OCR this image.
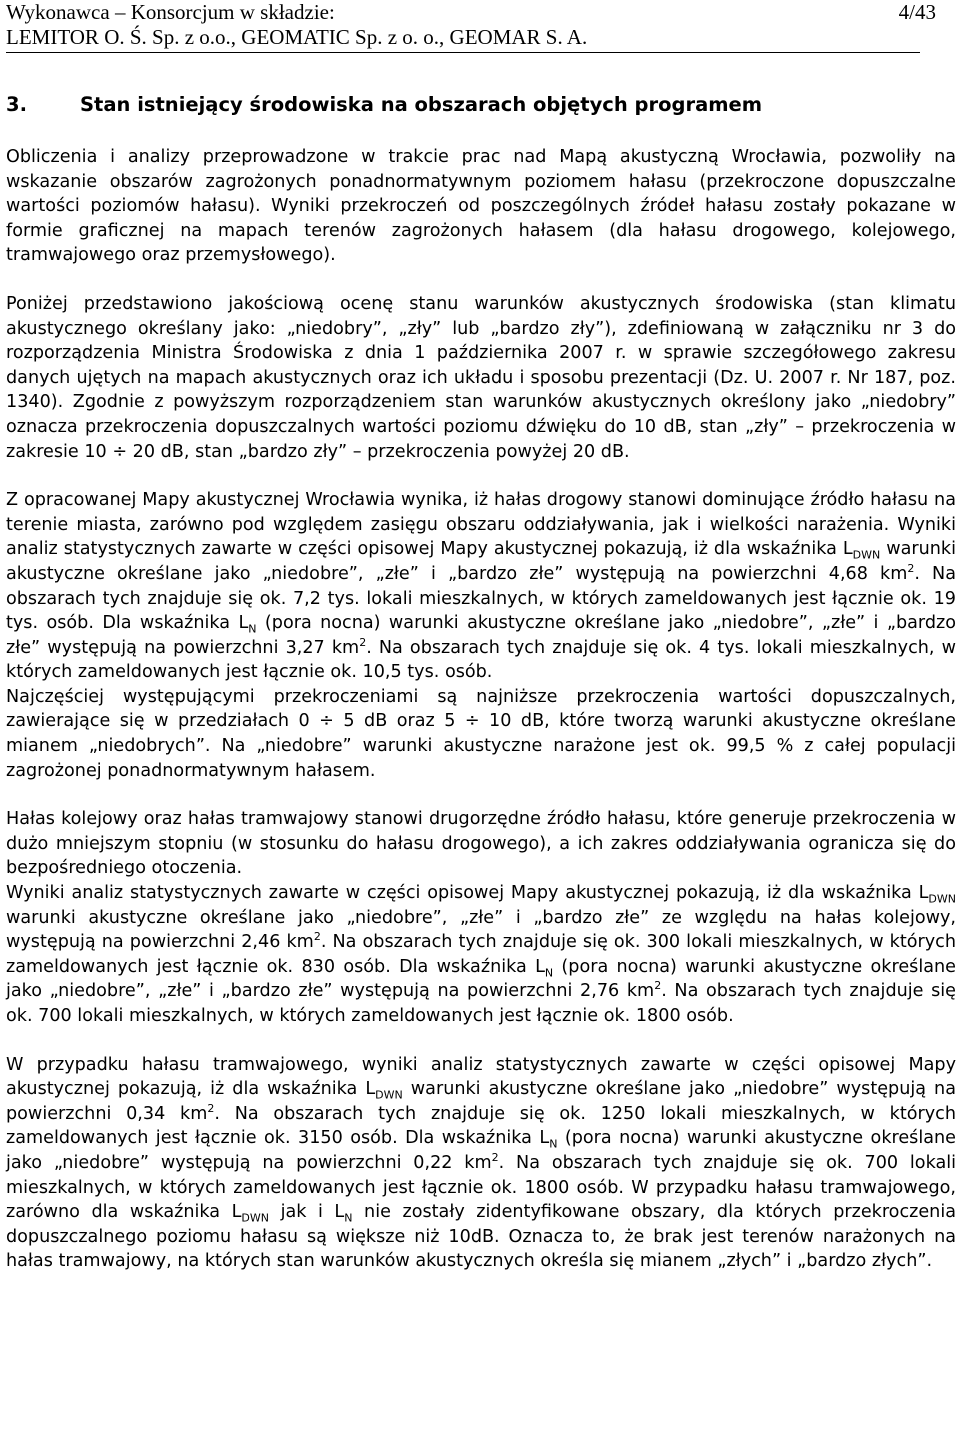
Wykonawca – Konsorcjum w składzie:	4/43
LEMITOR O. Ś. Sp. z o.o., GEOMATIC Sp. z o. o., GEOMAR S. A.
3.	Stan istniejący środowiska na obszarach objętych programem

Obliczenia i analizy przeprowadzone w trakcie prac nad Mapą akustyczną Wrocławia, pozwoliły na wskazanie obszarów zagrożonych ponadnormatywnym poziomem hałasu (przekroczone dopuszczalne wartości poziomów hałasu). Wyniki przekroczeń od poszczególnych źródeł hałasu zostały pokazane w formie graficznej na mapach terenów zagrożonych hałasem (dla hałasu drogowego, kolejowego, tramwajowego oraz przemysłowego).

Poniżej przedstawiono jakościową ocenę stanu warunków akustycznych środowiska (stan klimatu akustycznego określany jako: „niedobry”, „zły” lub „bardzo zły”), zdefiniowaną w załączniku nr 3 do rozporządzenia Ministra Środowiska z dnia 1 października 2007 r. w sprawie szczegółowego zakresu danych ujętych na mapach akustycznych oraz ich układu i sposobu prezentacji (Dz. U. 2007 r. Nr 187, poz. 1340). Zgodnie z powyższym rozporządzeniem stan warunków akustycznych określony jako „niedobry” oznacza przekroczenia dopuszczalnych wartości poziomu dźwięku do 10 dB, stan „zły” – przekroczenia w zakresie 10 ÷ 20 dB, stan „bardzo zły” – przekroczenia powyżej 20 dB.

Z opracowanej Mapy akustycznej Wrocławia wynika, iż hałas drogowy stanowi dominujące źródło hałasu na terenie miasta, zarówno pod względem zasięgu obszaru oddziaływania, jak i wielkości narażenia. Wyniki analiz statystycznych zawarte w części opisowej Mapy akustycznej pokazują, iż dla wskaźnika $L_{DWN}$ warunki akustyczne określane jako „niedobre”, „złe” i „bardzo złe” występują na powierzchni 4,68 $km^2$. Na obszarach tych znajduje się ok. 7,2 tys. lokali mieszkalnych, w których zameldowanych jest łącznie ok. 19 tys. osób. Dla wskaźnika $L_N$ (pora nocna) warunki akustyczne określane jako „niedobre”, „złe” i „bardzo złe” występują na powierzchni 3,27 $km^2$. Na obszarach tych znajduje się ok. 4 tys. lokali mieszkalnych, w których zameldowanych jest łącznie ok. 10,5 tys. osób.

Najczęściej występującymi przekroczeniami są najniższe przekroczenia wartości dopuszczalnych, zawierające się w przedziałach 0 ÷ 5 dB oraz 5 ÷ 10 dB, które tworzą warunki akustyczne określane mianem „niedobrych”. Na „niedobre” warunki akustyczne narażone jest ok. 99,5 % z całej populacji zagrożonej ponadnormatywnym hałasem.

Hałas kolejowy oraz hałas tramwajowy stanowi drugorzędne źródło hałasu, które generuje przekroczenia w dużo mniejszym stopniu (w stosunku do hałasu drogowego), a ich zakres oddziaływania ogranicza się do bezpośredniego otoczenia.

Wyniki analiz statystycznych zawarte w części opisowej Mapy akustycznej pokazują, iż dla wskaźnika $L_{DWN}$ warunki akustyczne określane jako „niedobre”, „złe” i „bardzo złe” ze względu na hałas kolejowy, występują na powierzchni 2,46 $km^2$. Na obszarach tych znajduje się ok. 300 lokali mieszkalnych, w których zameldowanych jest łącznie ok. 830 osób. Dla wskaźnika $L_N$ (pora nocna) warunki akustyczne określane jako „niedobre”, „złe” i „bardzo złe” występują na powierzchni 2,76 $km^2$. Na obszarach tych znajduje się ok. 700 lokali mieszkalnych, w których zameldowanych jest łącznie ok. 1800 osób.

W przypadku hałasu tramwajowego, wyniki analiz statystycznych zawarte w części opisowej Mapy akustycznej pokazują, iż dla wskaźnika $L_{DWN}$ warunki akustyczne określane jako „niedobre” występują na powierzchni 0,34 $km^2$. Na obszarach tych znajduje się ok. 1250 lokali mieszkalnych, w których zameldowanych jest łącznie ok. 3150 osób. Dla wskaźnika $L_N$ (pora nocna) warunki akustyczne określane jako „niedobre” występują na powierzchni 0,22 $km^2$. Na obszarach tych znajduje się ok. 700 lokali mieszkalnych, w których zameldowanych jest łącznie ok. 1800 osób. W przypadku hałasu tramwajowego, zarówno dla wskaźnika $L_{DWN}$ jak i $L_N$ nie zostały zidentyfikowane obszary, dla których przekroczenia dopuszczalnego poziomu hałasu są większe niż 10dB. Oznacza to, że brak jest terenów narażonych na hałas tramwajowy, na których stan warunków akustycznych określa się mianem „złych” i „bardzo złych”.
